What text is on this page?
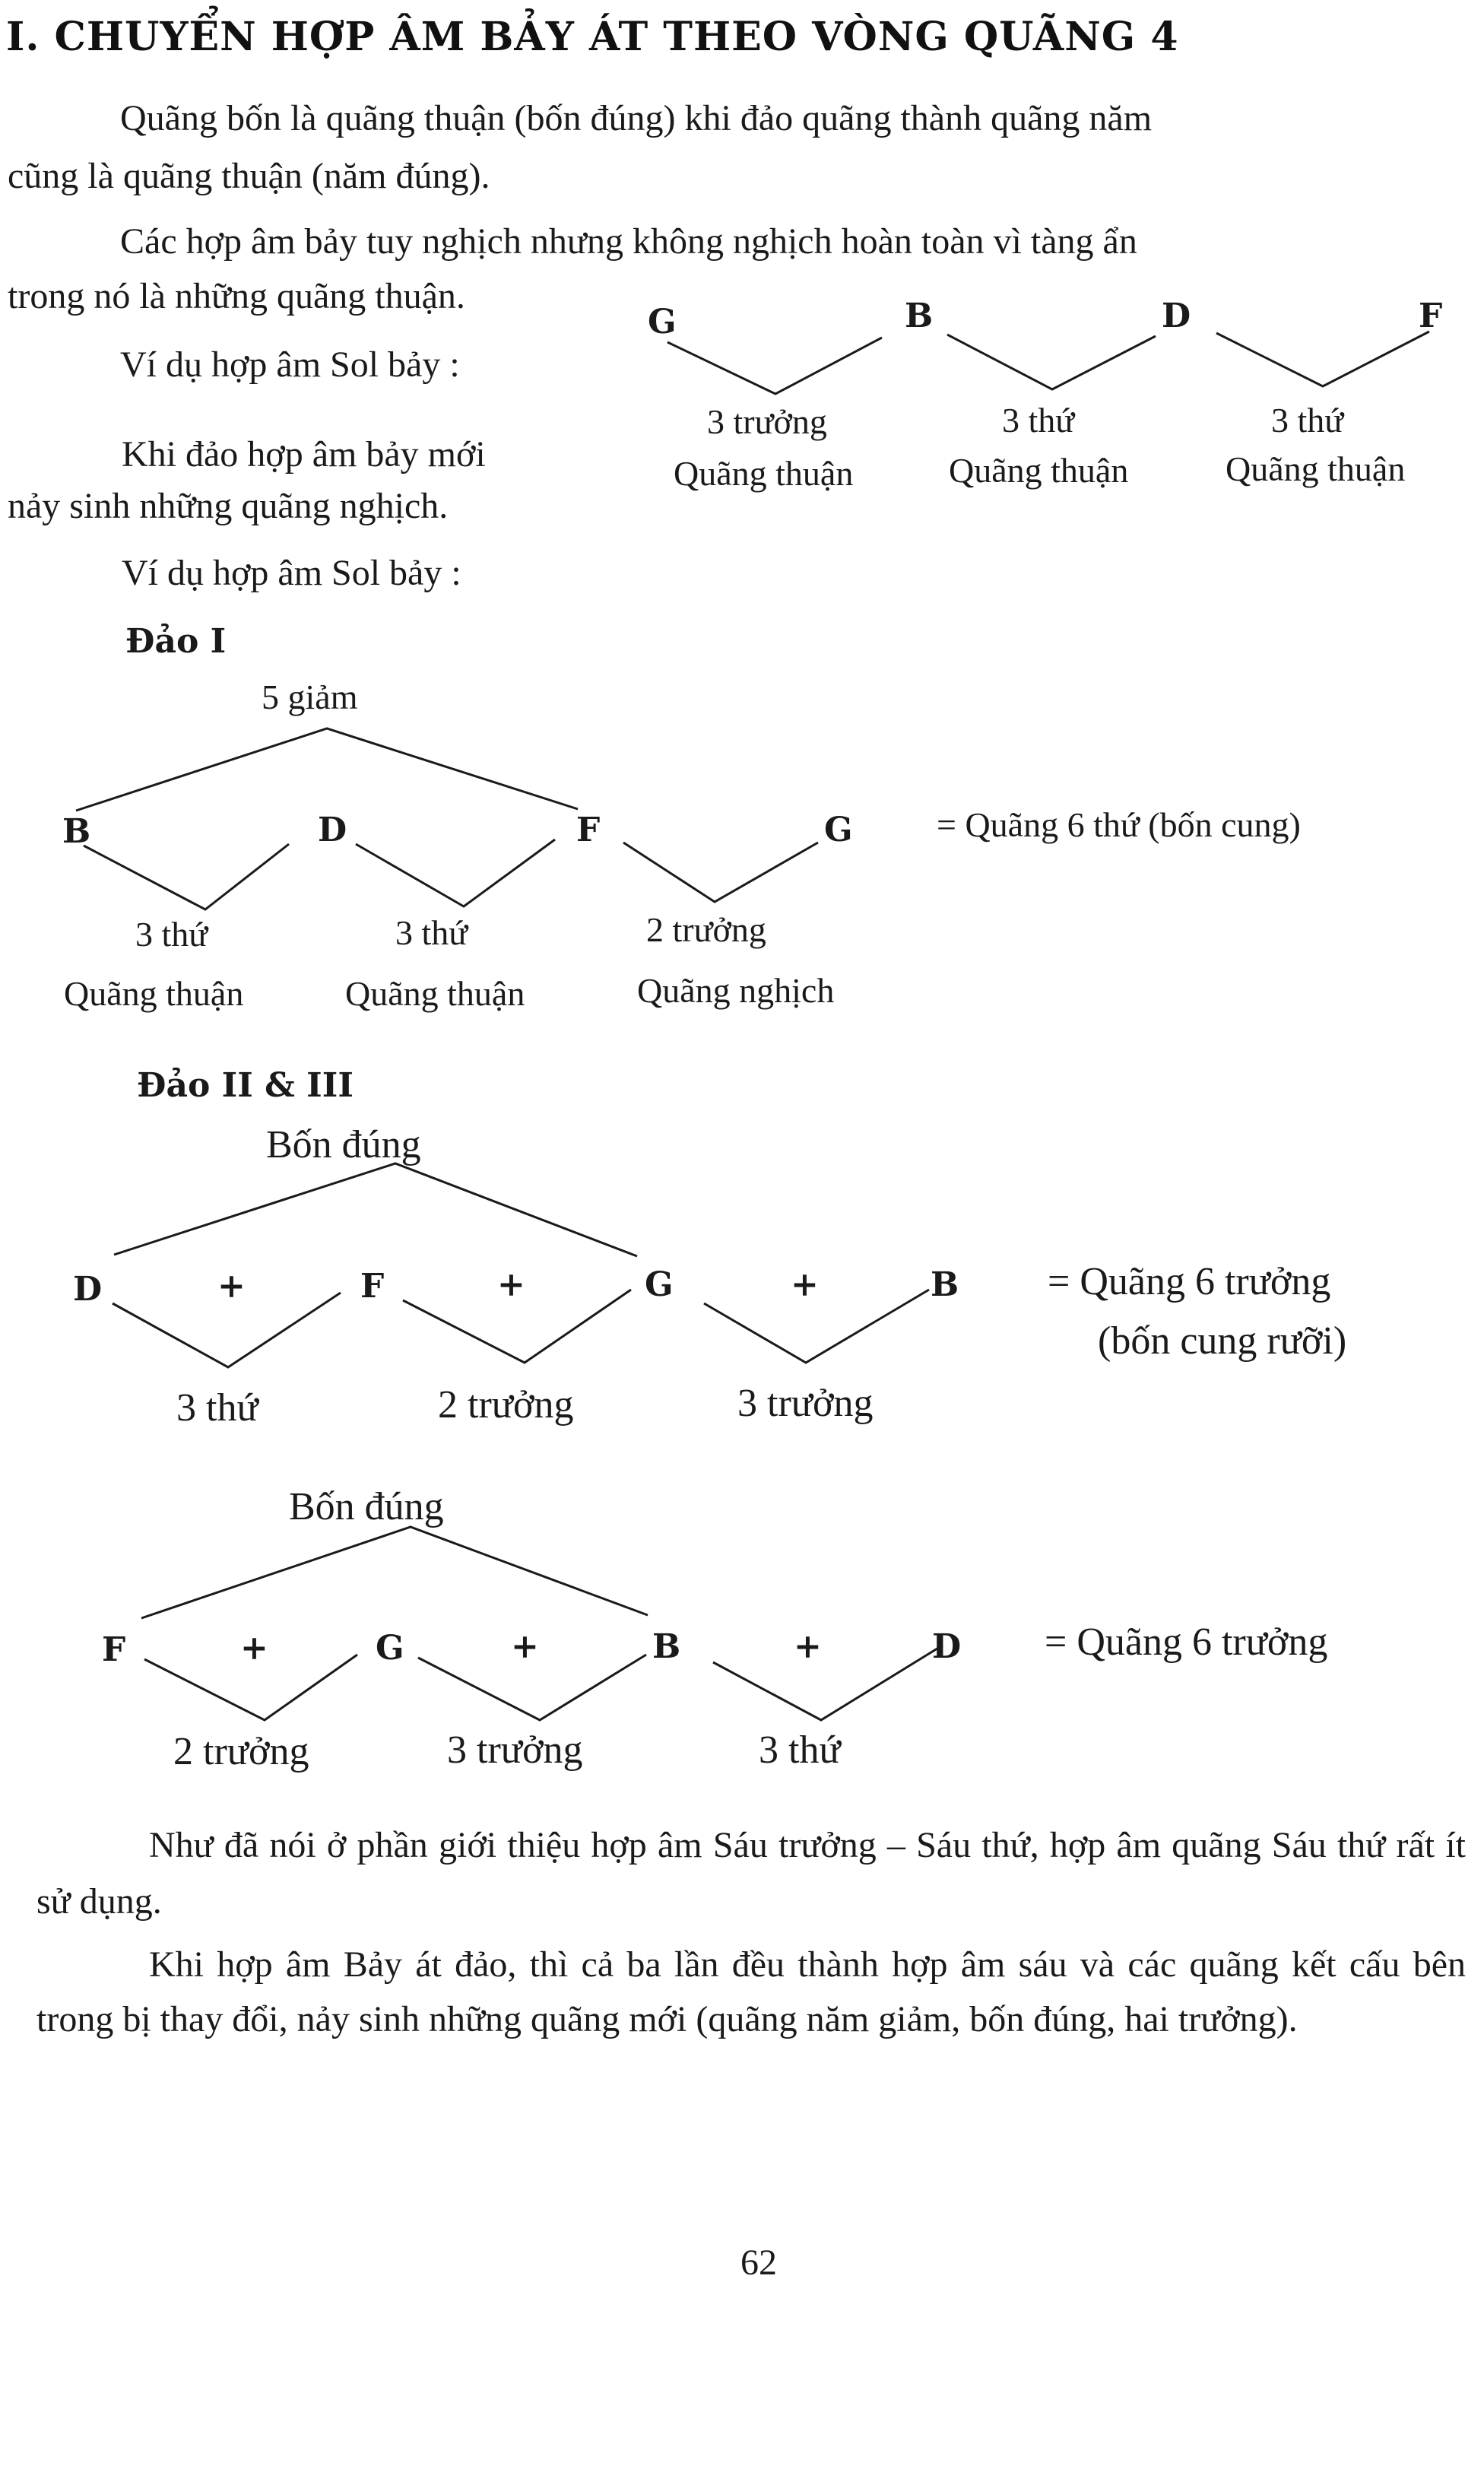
I. CHUYỂN HỢP ÂM BẢY ÁT THEO VÒNG QUÃNG 4
Quãng bốn là quãng thuận (bốn đúng) khi đảo quãng thành quãng năm
cũng là quãng thuận (năm đúng).
Các hợp âm bảy tuy nghịch nhưng không nghịch hoàn toàn vì tàng ẩn
trong nó là những quãng thuận.
Ví dụ hợp âm Sol bảy :
Khi đảo hợp âm bảy mới
nảy sinh những quãng nghịch.
Ví dụ hợp âm Sol bảy :
G	B	D	F
3 trưởng	3 thứ	3 thứ
Quãng thuận	Quãng thuận	Quãng thuận
Đảo I
5 giảm
B	D	F	G = Quãng 6 thứ (bốn cung)
3 thứ	3 thứ	2 trưởng
Quãng thuận	Quãng thuận	Quãng nghịch
Đảo II & III
Bốn đúng
D	+	F	+	G	+	B = Quãng 6 trưởng
(bốn cung rưỡi)
3 thứ	2 trưởng	3 trưởng
Bốn đúng
F	+	G	+	B	+	D = Quãng 6 trưởng
2 trưởng	3 trưởng	3 thứ
Như đã nói ở phần giới thiệu hợp âm Sáu trưởng – Sáu thứ, hợp âm quãng Sáu thứ rất ít sử dụng.
Khi hợp âm Bảy át đảo, thì cả ba lần đều thành hợp âm sáu và các quãng kết cấu bên trong bị thay đổi, nảy sinh những quãng mới (quãng năm giảm, bốn đúng, hai trưởng).
62
